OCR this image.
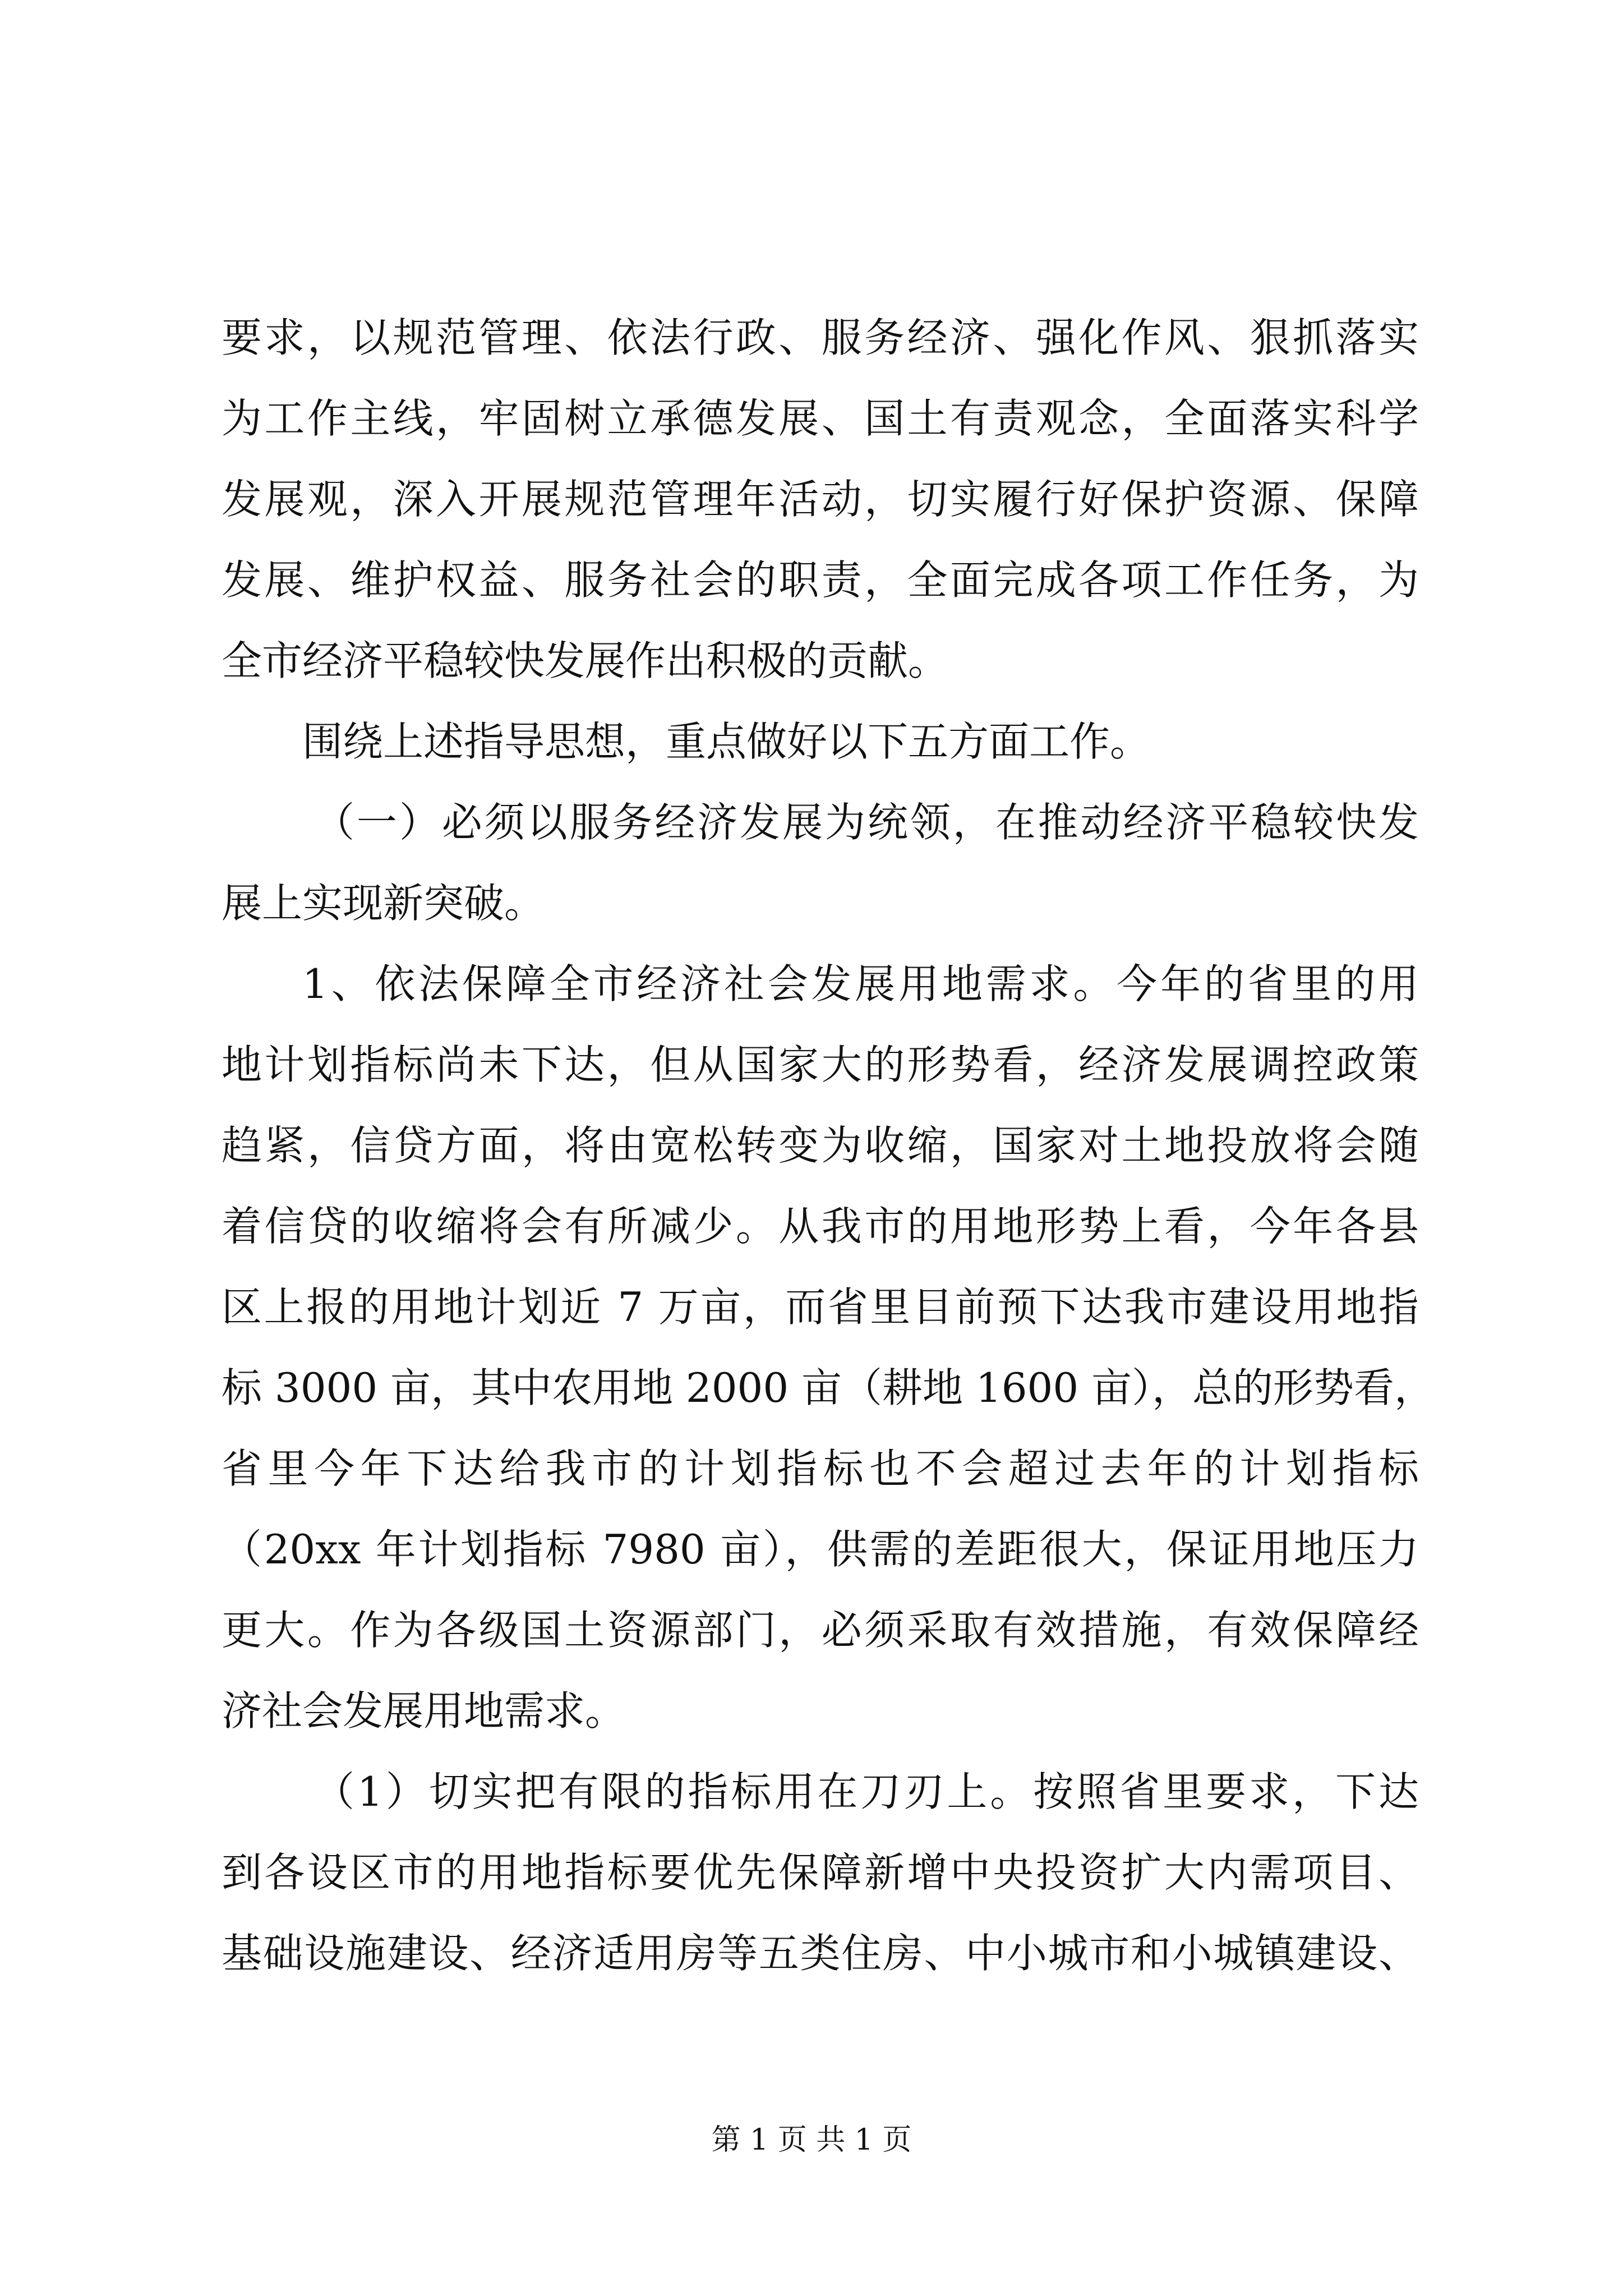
要求，以规范管理、依法行政、服务经济、强化作风、狠抓落实
为工作主线，牢固树立承德发展、国土有责观念，全面落实科学
发展观，深入开展规范管理年活动，切实履行好保护资源、保障
发展、维护权益、服务社会的职责，全面完成各项工作任务，为
全市经济平稳较快发展作出积极的贡献。
围绕上述指导思想，重点做好以下五方面工作。
（一）必须以服务经济发展为统领，在推动经济平稳较快发
展上实现新突破。
1、依法保障全市经济社会发展用地需求。今年的省里的用
地计划指标尚未下达，但从国家大的形势看，经济发展调控政策
趋紧，信贷方面，将由宽松转变为收缩，国家对土地投放将会随
着信贷的收缩将会有所减少。从我市的用地形势上看，今年各县
区上报的用地计划近 7 万亩，而省里目前预下达我市建设用地指
标 3000 亩，其中农用地 2000 亩（耕地 1600 亩），总的形势看，
省里今年下达给我市的计划指标也不会超过去年的计划指标
（20xx 年计划指标 7980 亩），供需的差距很大，保证用地压力
更大。作为各级国土资源部门，必须采取有效措施，有效保障经
济社会发展用地需求。
（1）切实把有限的指标用在刀刃上。按照省里要求，下达
到各设区市的用地指标要优先保障新增中央投资扩大内需项目、
基础设施建设、经济适用房等五类住房、中小城市和小城镇建设、
第 1 页 共 1 页
